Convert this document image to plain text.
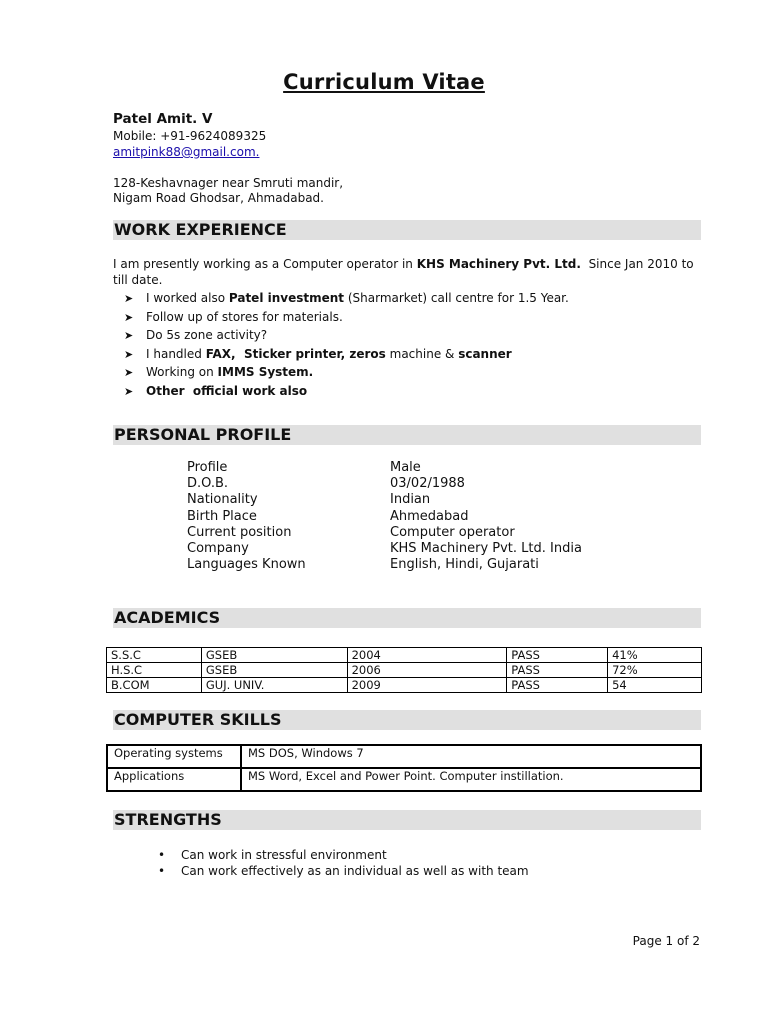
Curriculum Vitae
Patel Amit. V
Mobile: +91-9624089325
amitpink88@gmail.com.
128-Keshavnager near Smruti mandir,
Nigam Road Ghodsar, Ahmadabad.
WORK EXPERIENCE
I am presently working as a Computer operator in KHS Machinery Pvt. Ltd.  Since Jan 2010 to till date.
➤ I worked also Patel investment (Sharmarket) call centre for 1.5 Year.
➤ Follow up of stores for materials.
➤ Do 5s zone activity?
➤ I handled FAX,  Sticker printer, zeros machine & scanner
➤ Working on IMMS System.
➤ Other  official work also
PERSONAL PROFILE
Profile	Male
D.O.B.	03/02/1988
Nationality	Indian
Birth Place	Ahmedabad
Current position	Computer operator
Company	KHS Machinery Pvt. Ltd. India
Languages Known	English, Hindi, Gujarati
ACADEMICS
S.S.C	GSEB	2004	PASS	41%
H.S.C	GSEB	2006	PASS	72%
B.COM	GUJ. UNIV.	2009	PASS	54
COMPUTER SKILLS
Operating systems	MS DOS, Windows 7
Applications	MS Word, Excel and Power Point. Computer instillation.
STRENGTHS
• Can work in stressful environment
• Can work effectively as an individual as well as with team
Page 1 of 2
